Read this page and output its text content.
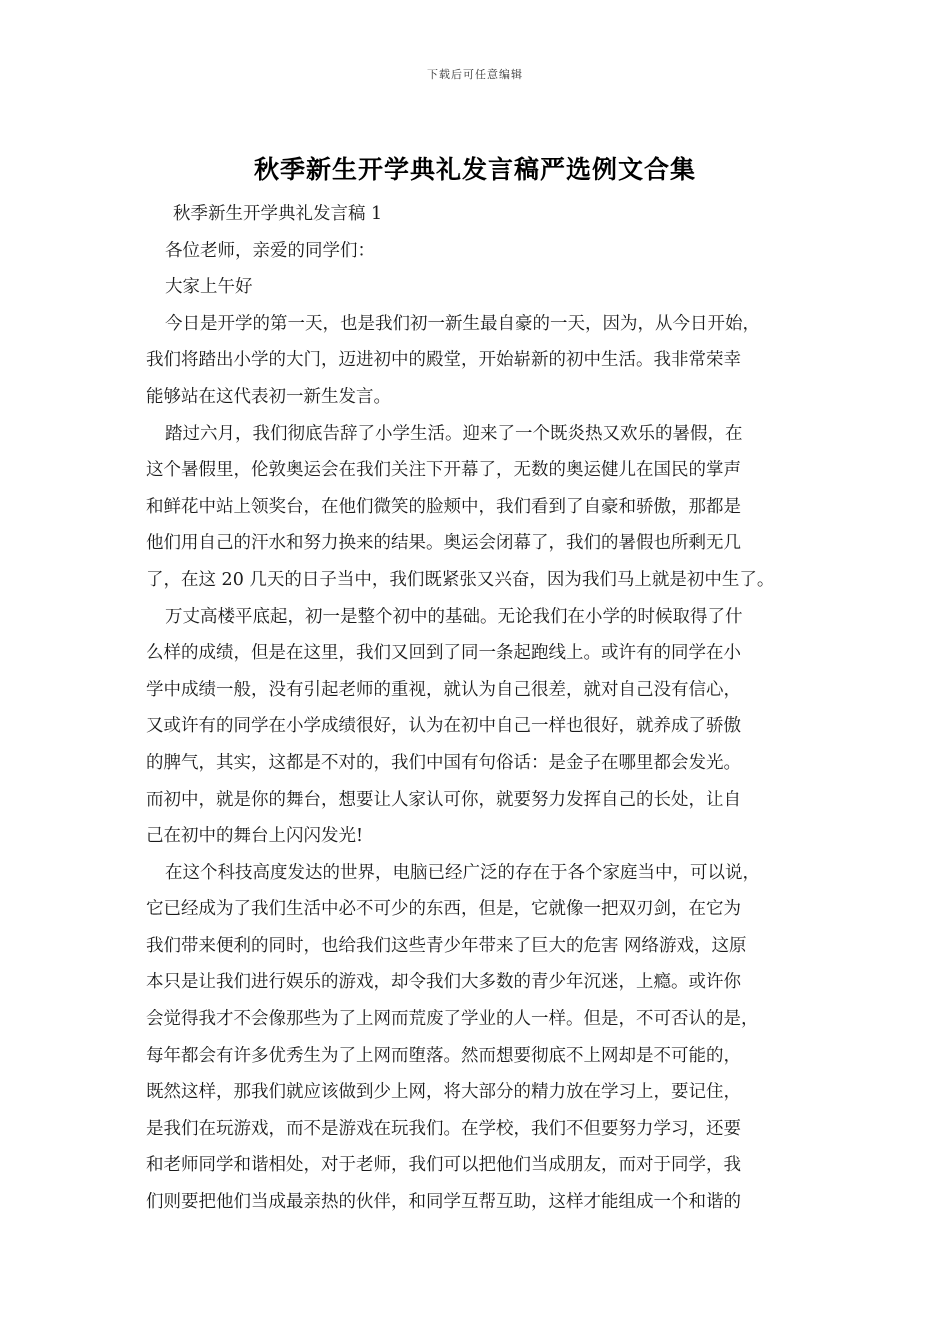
下载后可任意编辑
秋季新生开学典礼发言稿严选例文合集
秋季新生开学典礼发言稿 1
各位老师，亲爱的同学们：
大家上午好
今日是开学的第一天，也是我们初一新生最自豪的一天，因为，从今日开始，
我们将踏出小学的大门，迈进初中的殿堂，开始崭新的初中生活。我非常荣幸
能够站在这代表初一新生发言。
踏过六月，我们彻底告辞了小学生活。迎来了一个既炎热又欢乐的暑假，在
这个暑假里，伦敦奥运会在我们关注下开幕了，无数的奥运健儿在国民的掌声
和鲜花中站上领奖台，在他们微笑的脸颊中，我们看到了自豪和骄傲，那都是
他们用自己的汗水和努力换来的结果。奥运会闭幕了，我们的暑假也所剩无几
了，在这 20 几天的日子当中，我们既紧张又兴奋，因为我们马上就是初中生了。
万丈高楼平底起，初一是整个初中的基础。无论我们在小学的时候取得了什
么样的成绩，但是在这里，我们又回到了同一条起跑线上。或许有的同学在小
学中成绩一般，没有引起老师的重视，就认为自己很差，就对自己没有信心，
又或许有的同学在小学成绩很好，认为在初中自己一样也很好，就养成了骄傲
的脾气，其实，这都是不对的，我们中国有句俗话：是金子在哪里都会发光。
而初中，就是你的舞台，想要让人家认可你，就要努力发挥自己的长处，让自
己在初中的舞台上闪闪发光!
在这个科技高度发达的世界，电脑已经广泛的存在于各个家庭当中，可以说，
它已经成为了我们生活中必不可少的东西，但是，它就像一把双刃剑，在它为
我们带来便利的同时，也给我们这些青少年带来了巨大的危害 网络游戏，这原
本只是让我们进行娱乐的游戏，却令我们大多数的青少年沉迷，上瘾。或许你
会觉得我才不会像那些为了上网而荒废了学业的人一样。但是，不可否认的是，
每年都会有许多优秀生为了上网而堕落。然而想要彻底不上网却是不可能的，
既然这样，那我们就应该做到少上网，将大部分的精力放在学习上，要记住，
是我们在玩游戏，而不是游戏在玩我们。在学校，我们不但要努力学习，还要
和老师同学和谐相处，对于老师，我们可以把他们当成朋友，而对于同学，我
们则要把他们当成最亲热的伙伴，和同学互帮互助，这样才能组成一个和谐的
